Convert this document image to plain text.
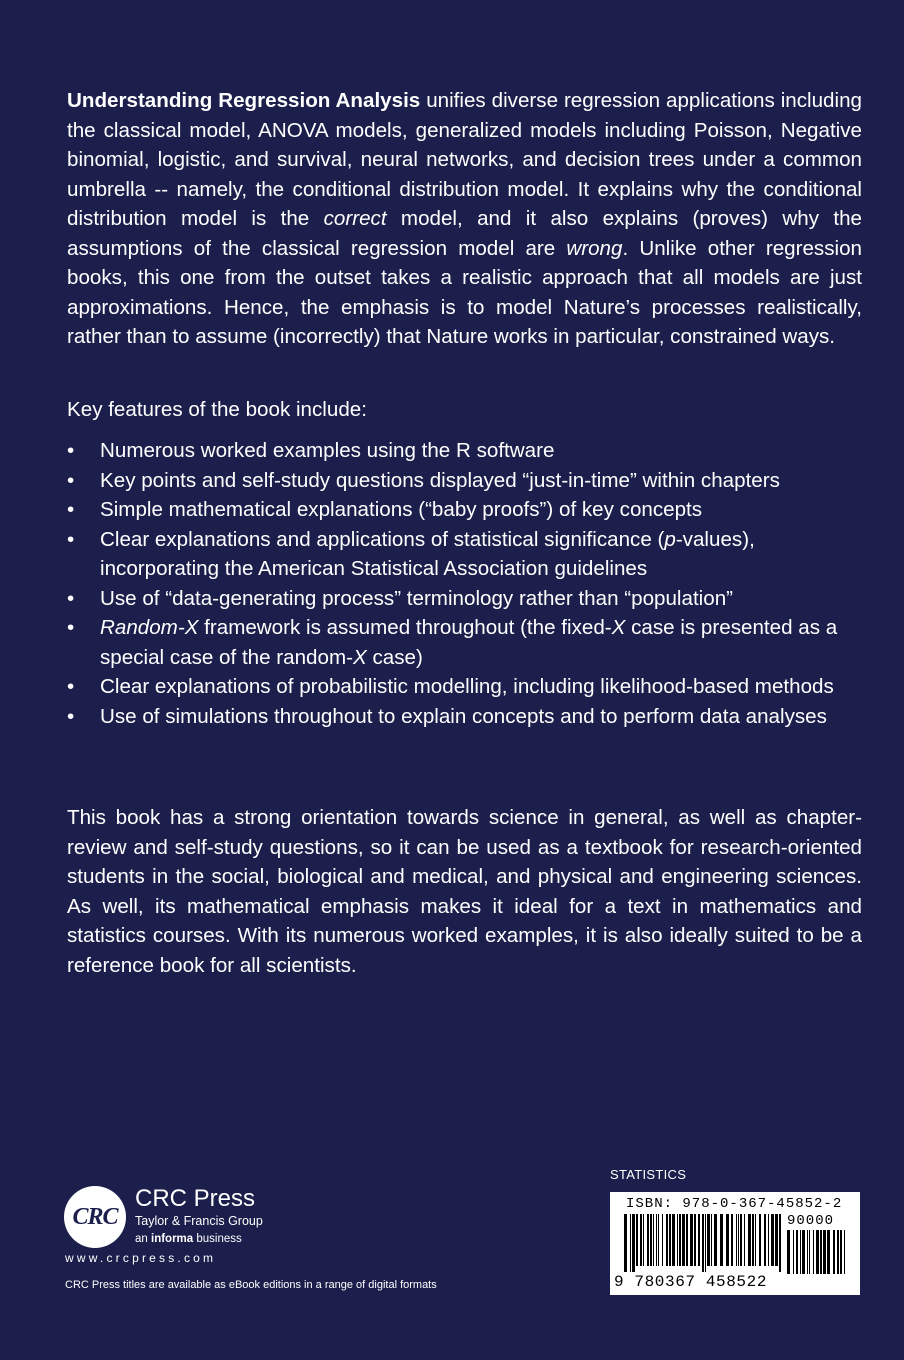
Understanding Regression Analysis unifies diverse regression applications including the classical model, ANOVA models, generalized models including Poisson, Negative binomial, logistic, and survival, neural networks, and decision trees under a common umbrella -- namely, the conditional distribution model. It explains why the conditional distribution model is the correct model, and it also explains (proves) why the assumptions of the classical regression model are wrong. Unlike other regression books, this one from the outset takes a realistic approach that all models are just approximations. Hence, the emphasis is to model Nature’s processes realistically, rather than to assume (incorrectly) that Nature works in particular, constrained ways.

Key features of the book include:
• Numerous worked examples using the R software
• Key points and self-study questions displayed “just-in-time” within chapters
• Simple mathematical explanations (“baby proofs”) of key concepts
• Clear explanations and applications of statistical significance (p-values), incorporating the American Statistical Association guidelines
• Use of “data-generating process” terminology rather than “population”
• Random-X framework is assumed throughout (the fixed-X case is presented as a special case of the random-X case)
• Clear explanations of probabilistic modelling, including likelihood-based methods
• Use of simulations throughout to explain concepts and to perform data analyses

This book has a strong orientation towards science in general, as well as chapter-review and self-study questions, so it can be used as a textbook for research-oriented students in the social, biological and medical, and physical and engineering sciences. As well, its mathematical emphasis makes it ideal for a text in mathematics and statistics courses. With its numerous worked examples, it is also ideally suited to be a reference book for all scientists.

CRC
CRC Press
Taylor & Francis Group
an informa business
www.crcpress.com
CRC Press titles are available as eBook editions in a range of digital formats
STATISTICS
ISBN: 978-0-367-45852-2
90000
9 780367 458522
